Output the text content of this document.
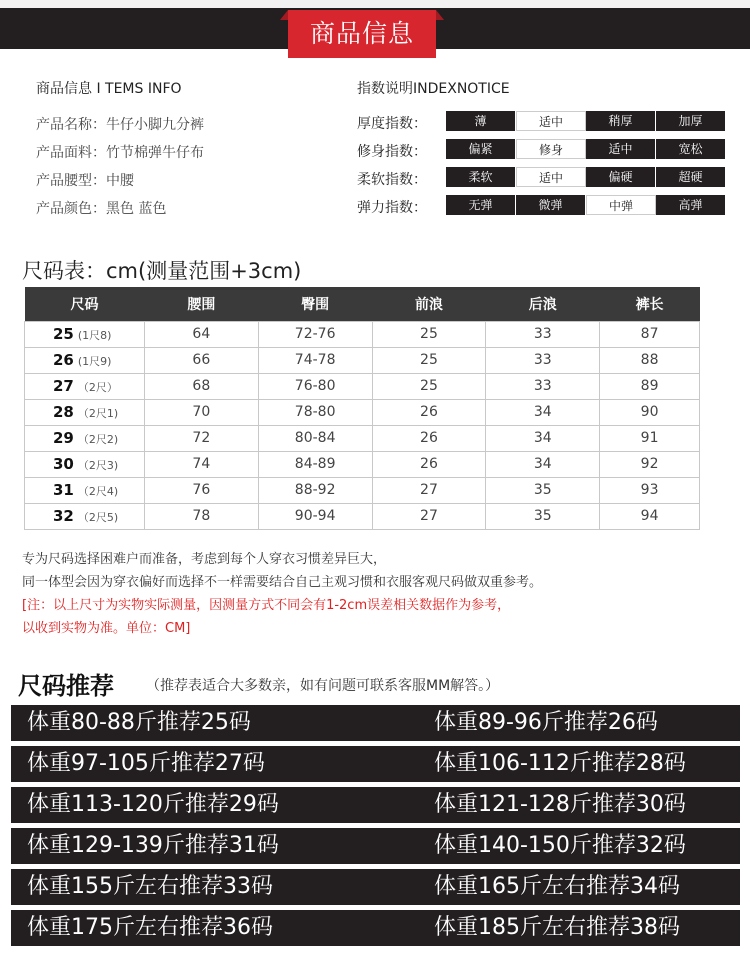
商品信息
商品信息 I TEMS INFO
产品名称：牛仔小脚九分裤
产品面料：竹节棉弹牛仔布
产品腰型：中腰
产品颜色：黑色 蓝色
指数说明INDEXNOTICE
厚度指数：	薄	适中	稍厚	加厚
修身指数：	偏紧	修身	适中	宽松
柔软指数：	柔软	适中	偏硬	超硬
弹力指数：	无弹	微弹	中弹	高弹
尺码表：cm(测量范围+3cm)
尺码	腰围	臀围	前浪	后浪	裤长
25 (1尺8)	64	72-76	25	33	87
26 (1尺9)	66	74-78	25	33	88
27 （2尺）	68	76-80	25	33	89
28 （2尺1)	70	78-80	26	34	90
29 （2尺2)	72	80-84	26	34	91
30 （2尺3)	74	84-89	26	34	92
31 （2尺4)	76	88-92	27	35	93
32 （2尺5)	78	90-94	27	35	94
专为尺码选择困难户而准备，考虑到每个人穿衣习惯差异巨大，
同一体型会因为穿衣偏好而选择不一样需要结合自己主观习惯和衣服客观尺码做双重参考。
[注：以上尺寸为实物实际测量，因测量方式不同会有1-2cm误差相关数据作为参考，
以收到实物为准。单位：CM]
尺码推荐 （推荐表适合大多数亲，如有问题可联系客服MM解答。）
体重80-88斤推荐25码	体重89-96斤推荐26码
体重97-105斤推荐27码	体重106-112斤推荐28码
体重113-120斤推荐29码	体重121-128斤推荐30码
体重129-139斤推荐31码	体重140-150斤推荐32码
体重155斤左右推荐33码	体重165斤左右推荐34码
体重175斤左右推荐36码	体重185斤左右推荐38码
